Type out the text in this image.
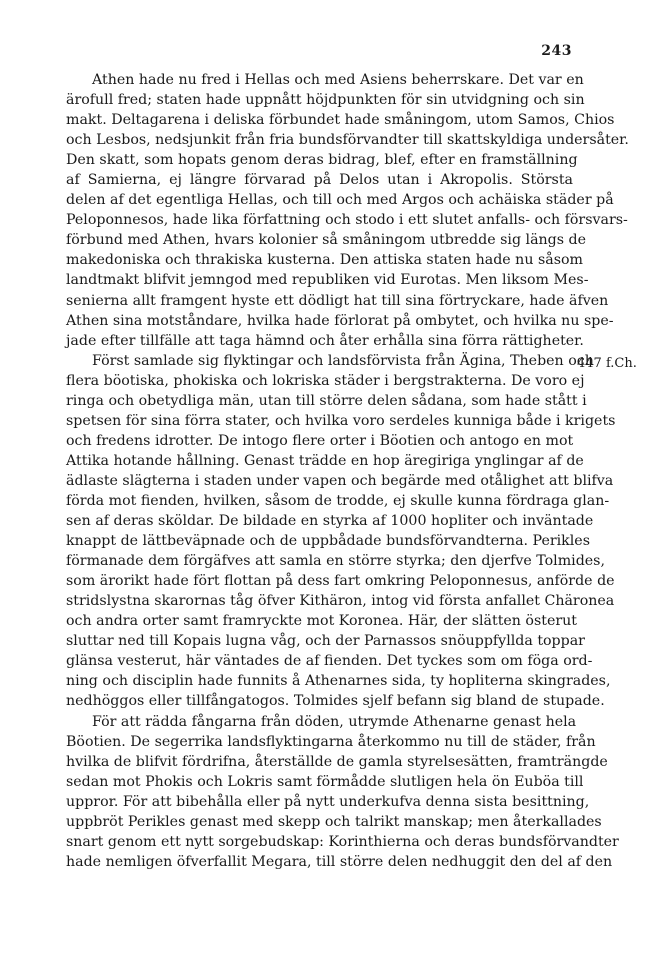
243
Athen hade nu fred i Hellas och med Asiens beherrskare. Det var en
ärofull fred; staten hade uppnått höjdpunkten för sin utvidgning och sin
makt. Deltagarena i deliska förbundet hade småningom, utom Samos, Chios
och Lesbos, nedsjunkit från fria bundsförvandter till skattskyldiga undersåter.
Den skatt, som hopats genom deras bidrag, blef, efter en framställning
af Samierna, ej längre förvarad på Delos utan i Akropolis. Största
delen af det egentliga Hellas, och till och med Argos och achäiska städer på
Peloponnesos, hade lika författning och stodo i ett slutet anfalls- och försvars-
förbund med Athen, hvars kolonier så småningom utbredde sig längs de
makedoniska och thrakiska kusterna. Den attiska staten hade nu såsom
landtmakt blifvit jemngod med republiken vid Eurotas. Men liksom Mes-
senierna allt framgent hyste ett dödligt hat till sina förtryckare, hade äfven
Athen sina motståndare, hvilka hade förlorat på ombytet, och hvilka nu spe-
jade efter tillfälle att taga hämnd och åter erhålla sina förra rättigheter.
Först samlade sig flyktingar och landsförvista från Ägina, Theben och
flera böotiska, phokiska och lokriska städer i bergstrakterna. De voro ej
ringa och obetydliga män, utan till större delen sådana, som hade stått i
spetsen för sina förra stater, och hvilka voro serdeles kunniga både i krigets
och fredens idrotter. De intogo flere orter i Böotien och antogo en mot
Attika hotande hållning. Genast trädde en hop äregiriga ynglingar af de
ädlaste slägterna i staden under vapen och begärde med otålighet att blifva
förda mot fienden, hvilken, såsom de trodde, ej skulle kunna fördraga glan-
sen af deras sköldar. De bildade en styrka af 1000 hopliter och inväntade
knappt de lättbeväpnade och de uppbådade bundsförvandterna. Perikles
förmanade dem förgäfves att samla en större styrka; den djerfve Tolmides,
som ärorikt hade fört flottan på dess fart omkring Peloponnesus, anförde de
stridslystna skarornas tåg öfver Kithäron, intog vid första anfallet Chäronea
och andra orter samt framryckte mot Koronea. Här, der slätten österut
sluttar ned till Kopais lugna våg, och der Parnassos snöuppfyllda toppar
glänsa vesterut, här väntades de af fienden. Det tyckes som om föga ord-
ning och disciplin hade funnits å Athenarnes sida, ty hopliterna skingrades,
nedhöggos eller tillfångatogos. Tolmides sjelf befann sig bland de stupade.
För att rädda fångarna från döden, utrymde Athenarne genast hela
Böotien. De segerrika landsflyktingarna återkommo nu till de städer, från
hvilka de blifvit fördrifna, återställde de gamla styrelsesätten, framträngde
sedan mot Phokis och Lokris samt förmådde slutligen hela ön Euböa till
uppror. För att bibehålla eller på nytt underkufva denna sista besittning,
uppbröt Perikles genast med skepp och talrikt manskap; men återkallades
snart genom ett nytt sorgebudskap: Korinthierna och deras bundsförvandter
hade nemligen öfverfallit Megara, till större delen nedhuggit den del af den
447 f.Ch.
